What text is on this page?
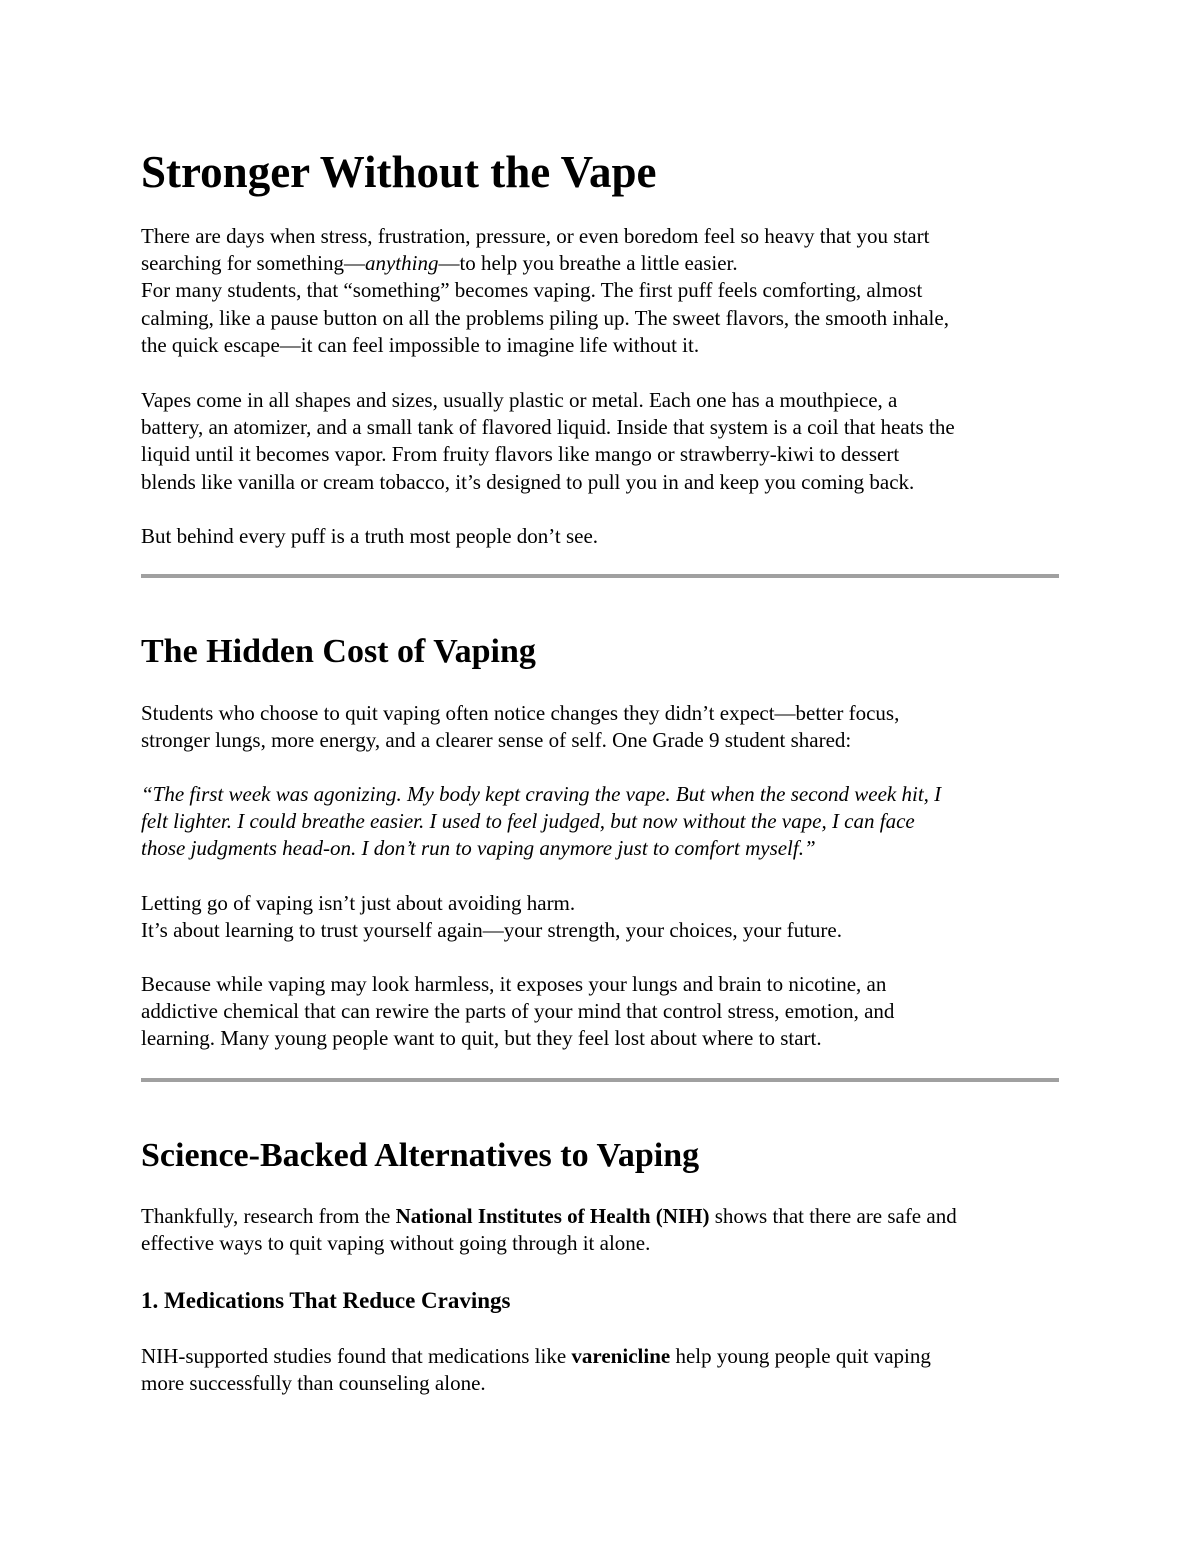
Stronger Without the Vape

There are days when stress, frustration, pressure, or even boredom feel so heavy that you start
searching for something—anything—to help you breathe a little easier.
For many students, that “something” becomes vaping. The first puff feels comforting, almost
calming, like a pause button on all the problems piling up. The sweet flavors, the smooth inhale,
the quick escape—it can feel impossible to imagine life without it.

Vapes come in all shapes and sizes, usually plastic or metal. Each one has a mouthpiece, a
battery, an atomizer, and a small tank of flavored liquid. Inside that system is a coil that heats the
liquid until it becomes vapor. From fruity flavors like mango or strawberry-kiwi to dessert
blends like vanilla or cream tobacco, it’s designed to pull you in and keep you coming back.

But behind every puff is a truth most people don’t see.

The Hidden Cost of Vaping

Students who choose to quit vaping often notice changes they didn’t expect—better focus,
stronger lungs, more energy, and a clearer sense of self. One Grade 9 student shared:

“The first week was agonizing. My body kept craving the vape. But when the second week hit, I
felt lighter. I could breathe easier. I used to feel judged, but now without the vape, I can face
those judgments head-on. I don’t run to vaping anymore just to comfort myself.”

Letting go of vaping isn’t just about avoiding harm.
It’s about learning to trust yourself again—your strength, your choices, your future.

Because while vaping may look harmless, it exposes your lungs and brain to nicotine, an
addictive chemical that can rewire the parts of your mind that control stress, emotion, and
learning. Many young people want to quit, but they feel lost about where to start.

Science-Backed Alternatives to Vaping

Thankfully, research from the National Institutes of Health (NIH) shows that there are safe and
effective ways to quit vaping without going through it alone.

1. Medications That Reduce Cravings

NIH-supported studies found that medications like varenicline help young people quit vaping
more successfully than counseling alone.
